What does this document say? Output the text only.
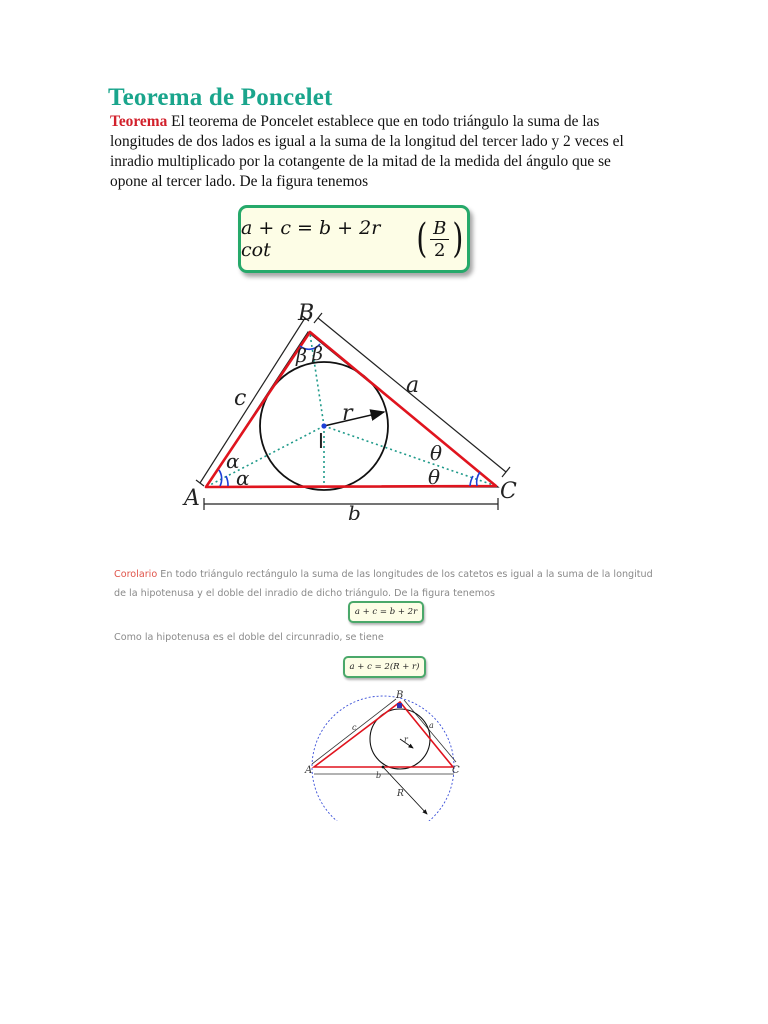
Teorema de Poncelet

Teorema El teorema de Poncelet establece que en todo triángulo la suma de las longitudes de dos lados es igual a la suma de la longitud del tercer lado y 2 veces el inradio multiplicado por la cotangente de la mitad de la medida del ángulo que se opone al tercer lado. De la figura tenemos

a + c = b + 2r cot	( $\frac{B}{2}$ )
A
B
C
a
b
c
r
α
α
β β
θ
θ
I

Corolario En todo triángulo rectángulo la suma de las longitudes de los catetos es igual a la suma de la longitud de la hipotenusa y el doble del inradio de dicho triángulo. De la figura tenemos

a + c = b + 2r

Como la hipotenusa es el doble del circunradio, se tiene

a + c = 2(R + r)
A
B
C
a
b
c
r
R
